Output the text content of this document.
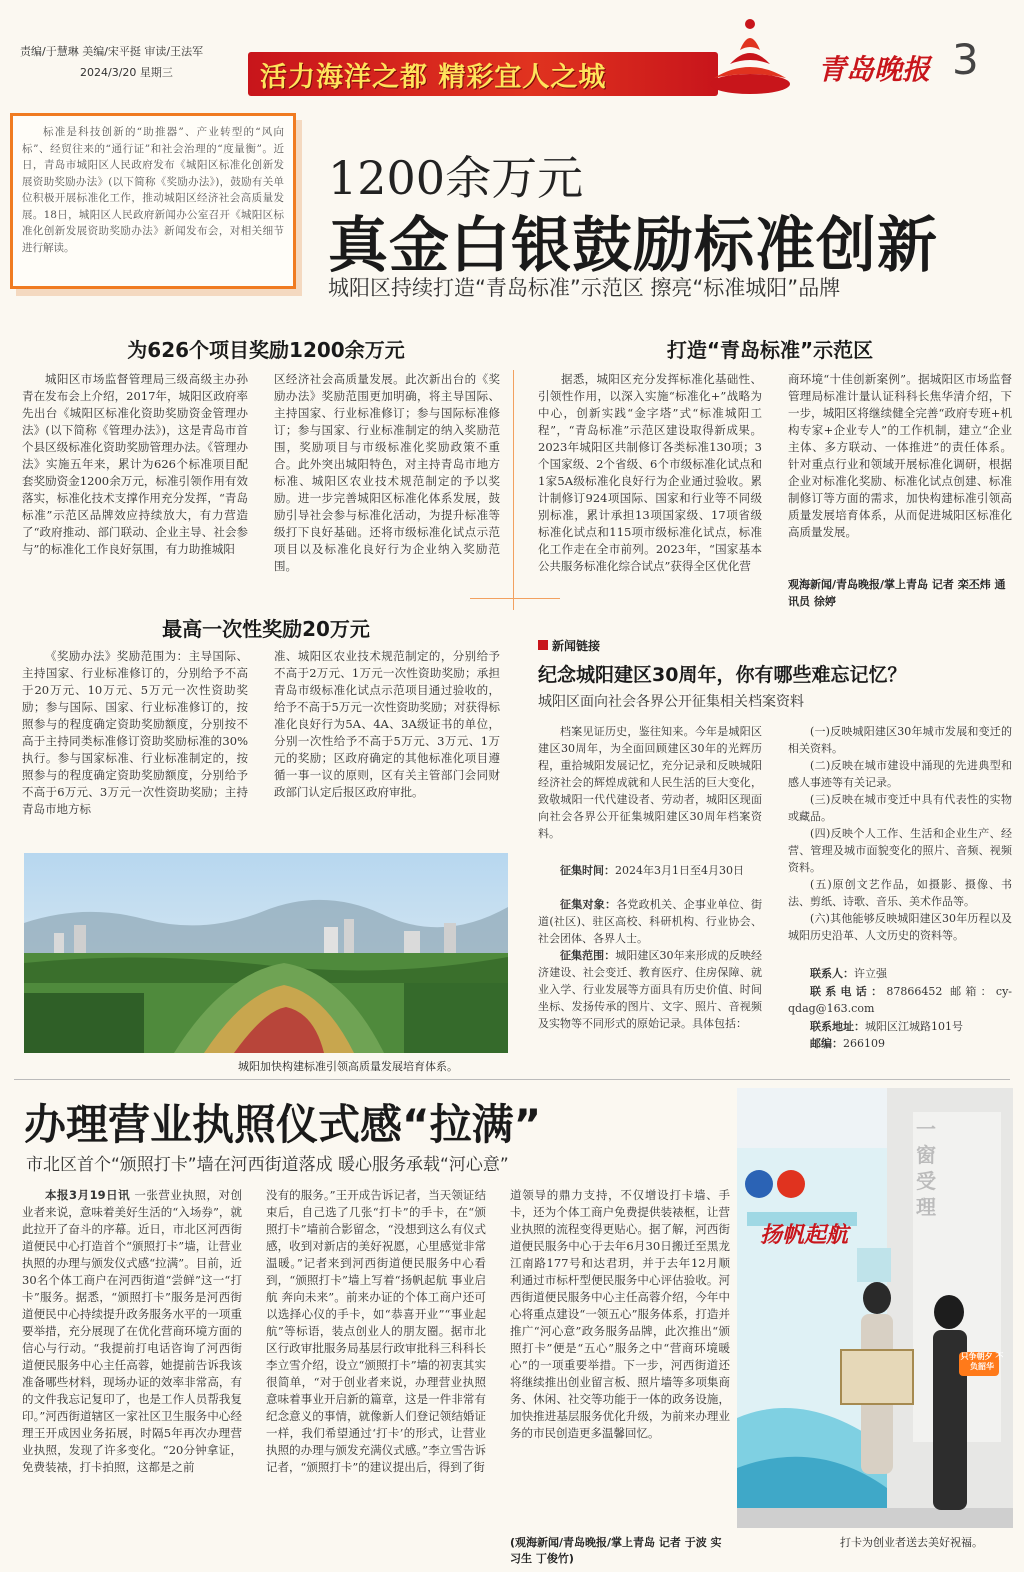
责编/于慧琳 美编/宋平挺 审读/王法军
2024/3/20 星期三	活力海洋之都 精彩宜人之城	青岛晚报 3
标准是科技创新的“助推器”、产业转型的“风向标”、经贸往来的“通行证”和社会治理的“度量衡”。近日，青岛市城阳区人民政府发布《城阳区标准化创新发展资助奖励办法》(以下简称《奖励办法》)，鼓励有关单位积极开展标准化工作，推动城阳区经济社会高质量发展。18日，城阳区人民政府新闻办公室召开《城阳区标准化创新发展资助奖励办法》新闻发布会，对相关细节进行解读。
1200余万元
真金白银鼓励标准创新
城阳区持续打造“青岛标准”示范区 擦亮“标准城阳”品牌
为626个项目奖励1200余万元
城阳区市场监督管理局三级高级主办孙青在发布会上介绍，2017年，城阳区政府率先出台《城阳区标准化资助奖励资金管理办法》(以下简称《管理办法》)，这是青岛市首个县区级标准化资助奖励管理办法。《管理办法》实施五年来，累计为626个标准项目配套奖励资金1200余万元，标准引领作用有效落实，标准化技术支撑作用充分发挥，“青岛标准”示范区品牌效应持续放大，有力营造了“政府推动、部门联动、企业主导、社会参与”的标准化工作良好氛围，有力助推城阳
区经济社会高质量发展。此次新出台的《奖励办法》奖励范围更加明确，将主导国际、主持国家、行业标准修订；参与国际标准修订；参与国家、行业标准制定的纳入奖励范围，奖励项目与市级标准化奖励政策不重合。此外突出城阳特色，对主持青岛市地方标准、城阳区农业技术规范制定的予以奖励。进一步完善城阳区标准化体系发展，鼓励引导社会参与标准化活动，为提升标准等级打下良好基础。还将市级标准化试点示范项目以及标准化良好行为企业纳入奖励范围。
最高一次性奖励20万元
《奖励办法》奖励范围为：主导国际、主持国家、行业标准修订的，分别给予不高于20万元、10万元、5万元一次性资助奖励；参与国际、国家、行业标准修订的，按照参与的程度确定资助奖励额度，分别按不高于主持同类标准修订资助奖励标准的30%执行。参与国家标准、行业标准制定的，按照参与的程度确定资助奖励额度，分别给予不高于6万元、3万元一次性资助奖励；主持青岛市地方标
准、城阳区农业技术规范制定的，分别给予不高于2万元、1万元一次性资助奖励；承担青岛市级标准化试点示范项目通过验收的，给予不高于5万元一次性资助奖励；对获得标准化良好行为5A、4A、3A级证书的单位，分别一次性给予不高于5万元、3万元、1万元的奖励；区政府确定的其他标准化项目遵循一事一议的原则，区有关主管部门会同财政部门认定后报区政府审批。
城阳加快构建标准引领高质量发展培育体系。
打造“青岛标准”示范区
据悉，城阳区充分发挥标准化基础性、引领性作用，以深入实施“标准化+”战略为中心，创新实践“金字塔”式“标准城阳工程”，“青岛标准”示范区建设取得新成果。2023年城阳区共制修订各类标准130项；3个国家级、2个省级、6个市级标准化试点和1家5A级标准化良好行为企业通过验收。累计制修订924项国际、国家和行业等不同级别标准，累计承担13项国家级、17项省级标准化试点和115项市级标准化试点，标准化工作走在全市前列。2023年，“国家基本公共服务标准化综合试点”获得全区优化营
商环境“十佳创新案例”。据城阳区市场监督管理局标准计量认证科科长焦华清介绍，下一步，城阳区将继续健全完善“政府专班+机构专家+企业专人”的工作机制，建立“企业主体、多方联动、一体推进”的责任体系。针对重点行业和领域开展标准化调研，根据企业对标准化奖励、标准化试点创建、标准制修订等方面的需求，加快构建标准引领高质量发展培育体系，从而促进城阳区标准化高质量发展。
观海新闻/青岛晚报/掌上青岛 记者 栾丕炜 通讯员 徐婷
新闻链接
纪念城阳建区30周年，你有哪些难忘记忆？
城阳区面向社会各界公开征集相关档案资料
档案见证历史，鉴往知来。今年是城阳区建区30周年，为全面回顾建区30年的光辉历程，重拾城阳发展记忆，充分记录和反映城阳经济社会的辉煌成就和人民生活的巨大变化，致敬城阳一代代建设者、劳动者，城阳区现面向社会各界公开征集城阳建区30周年档案资料。
征集时间：2024年3月1日至4月30日
征集对象：各党政机关、企事业单位、街道(社区)、驻区高校、科研机构、行业协会、社会团体、各界人士。
征集范围：城阳建区30年来形成的反映经济建设、社会变迁、教育医疗、住房保障、就业入学、行业发展等方面具有历史价值、时间坐标、发扬传承的图片、文字、照片、音视频及实物等不同形式的原始记录。具体包括：
(一)反映城阳建区30年城市发展和变迁的相关资料。
(二)反映在城市建设中涌现的先进典型和感人事迹等有关记录。
(三)反映在城市变迁中具有代表性的实物或藏品。
(四)反映个人工作、生活和企业生产、经营、管理及城市面貌变化的照片、音频、视频资料。
(五)原创文艺作品，如摄影、摄像、书法、剪纸、诗歌、音乐、美术作品等。
(六)其他能够反映城阳建区30年历程以及城阳历史沿革、人文历史的资料等。
联系人：许立强
联系电话：87866452 邮箱：cy-qdag@163.com
联系地址：城阳区江城路101号
邮编：266109
办理营业执照仪式感“拉满”
市北区首个“颁照打卡”墙在河西街道落成 暖心服务承载“河心意”
本报3月19日讯 一张营业执照，对创业者来说，意味着美好生活的“入场券”，就此拉开了奋斗的序幕。近日，市北区河西街道便民中心打造首个“颁照打卡”墙，让营业执照的办理与颁发仪式感“拉满”。目前，近30名个体工商户在河西街道“尝鲜”这一“打卡”服务。据悉，“颁照打卡”服务是河西街道便民中心持续提升政务服务水平的一项重要举措，充分展现了在优化营商环境方面的信心与行动。“我提前打电话咨询了河西街道便民服务中心主任高蓉，她提前告诉我该准备哪些材料，现场办证的效率非常高，有的文件我忘记复印了，也是工作人员帮我复印。”河西街道辖区一家社区卫生服务中心经理王开成因业务拓展，时隔5年再次办理营业执照，发现了许多变化。“20分钟拿证，免费装裱，打卡拍照，这都是之前
没有的服务。”王开成告诉记者，当天领证结束后，自己选了几张“打卡”的手卡，在“颁照打卡”墙前合影留念，“没想到这么有仪式感，收到对新店的美好祝愿，心里感觉非常温暖。”记者来到河西街道便民服务中心看到，“颁照打卡”墙上写着“扬帆起航 事业启航 奔向未来”。前来办证的个体工商户还可以选择心仪的手卡，如“恭喜开业”“事业起航”等标语，装点创业人的朋友圈。据市北区行政审批服务局基层行政审批科三科科长李立雪介绍，设立“颁照打卡”墙的初衷其实很简单，“对于创业者来说，办理营业执照意味着事业开启新的篇章，这是一件非常有纪念意义的事情，就像新人们登记领结婚证一样，我们希望通过‘打卡’的形式，让营业执照的办理与颁发充满仪式感。”李立雪告诉记者，“颁照打卡”的建议提出后，得到了街
道领导的鼎力支持，不仅增设打卡墙、手卡，还为个体工商户免费提供装裱框，让营业执照的流程变得更贴心。据了解，河西街道便民服务中心于去年6月30日搬迁至黑龙江南路177号和达君玥，并于去年12月顺利通过市标杆型便民服务中心评估验收。河西街道便民服务中心主任高蓉介绍，今年中心将重点建设“一领五心”服务体系，打造并推广“河心意”政务服务品牌，此次推出“颁照打卡”便是“五心”服务之中“营商环境暖心”的一项重要举措。下一步，河西街道还将继续推出创业留言板、照片墙等多项集商务、休闲、社交等功能于一体的政务设施，加快推进基层服务优化升级，为前来办理业务的市民创造更多温馨回忆。
(观海新闻/青岛晚报/掌上青岛 记者 于波 实习生 丁俊竹)
扬帆起航
一窗受理
只争朝夕 不负韶华
打卡为创业者送去美好祝福。
